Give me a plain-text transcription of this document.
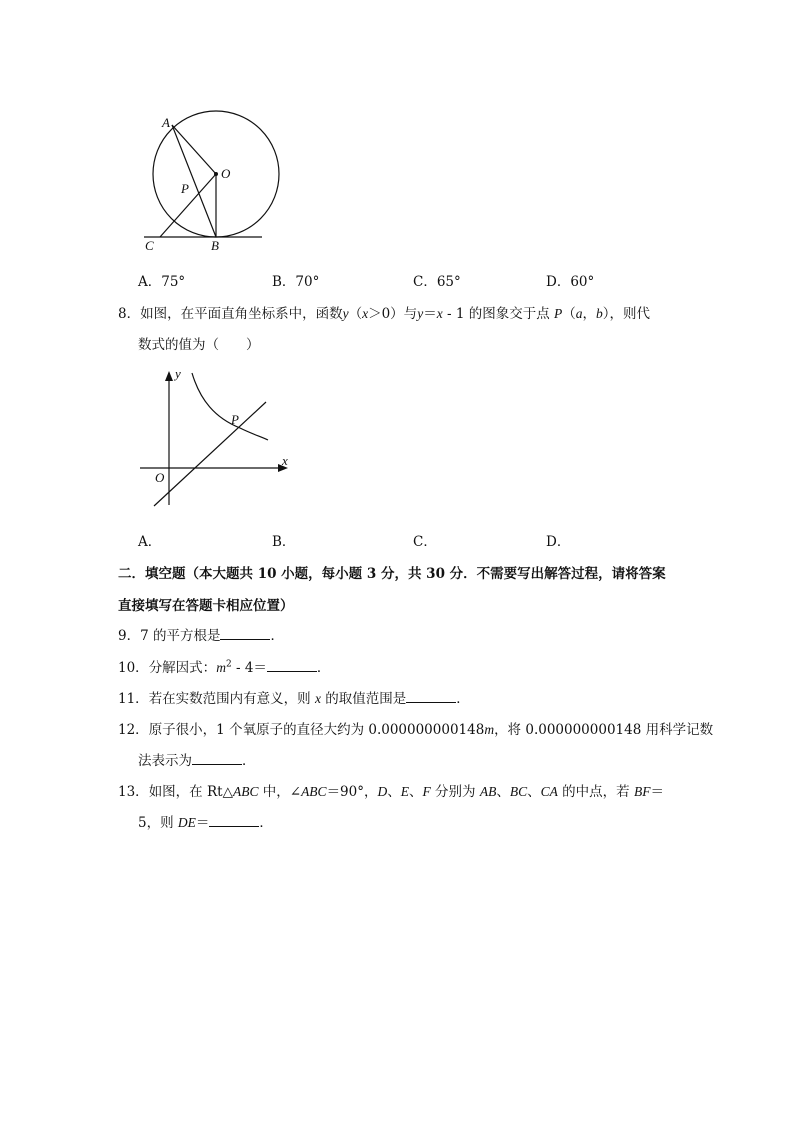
A
O
P
C	B
A．75°	B．70°	C．65°	D．60°
8．如图，在平面直角坐标系中，函数y（x＞0）与y＝x - 1 的图象交于点 P（a，b），则代
数式的值为（　　）
y
x
O
P
A．	B．	C．	D．
二．填空题（本大题共 10 小题，每小题 3 分，共 30 分．不需要写出解答过程，请将答案
直接填写在答题卡相应位置）
9．7 的平方根是	．
10．分解因式：$m^2 - 4=$	．
11．若在实数范围内有意义，则 x 的取值范围是	．
12．原子很小，1 个氧原子的直径大约为 0.000000000148m，将 0.000000000148 用科学记数
法表示为	．
13．如图，在 Rt△ABC 中，∠ABC＝90°，D、E、F 分别为 AB、BC、CA 的中点，若 BF＝
5，则 DE＝	．
